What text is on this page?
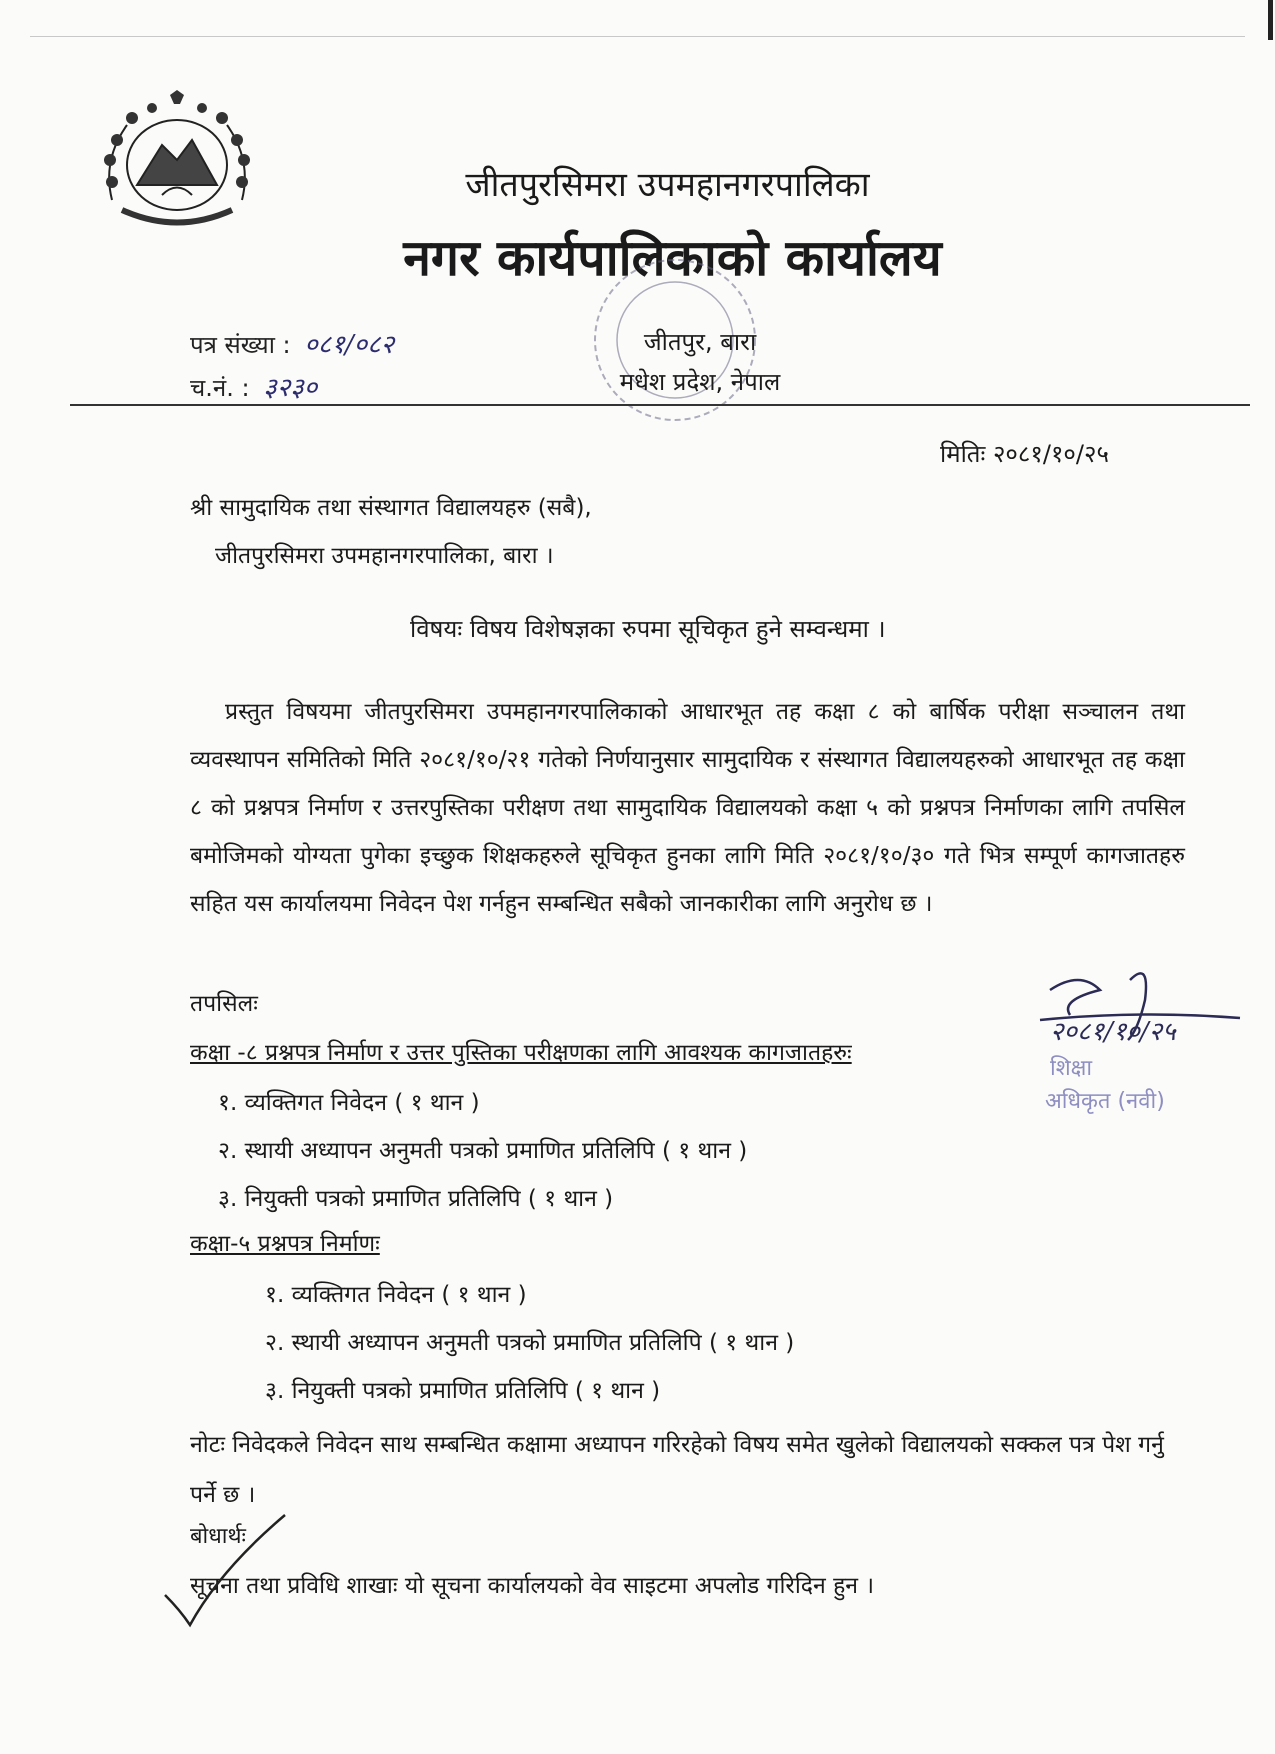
जीतपुरसिमरा उपमहानगरपालिका
नगर कार्यपालिकाको कार्यालय
पत्र संख्या : ०८१/०८२
च.नं. : ३२३०
जीतपुर, बारा
मधेश प्रदेश, नेपाल
मितिः २०८१/१०/२५
श्री सामुदायिक तथा संस्थागत विद्यालयहरु (सबै),
जीतपुरसिमरा उपमहानगरपालिका, बारा ।
विषयः विषय विशेषज्ञका रुपमा सूचिकृत हुने सम्वन्धमा ।
प्रस्तुत विषयमा जीतपुरसिमरा उपमहानगरपालिकाको आधारभूत तह कक्षा ८ को बार्षिक परीक्षा सञ्चालन तथा व्यवस्थापन समितिको मिति २०८१/१०/२१ गतेको निर्णयानुसार सामुदायिक र संस्थागत विद्यालयहरुको आधारभूत तह कक्षा ८ को प्रश्नपत्र निर्माण र उत्तरपुस्तिका परीक्षण तथा सामुदायिक विद्यालयको कक्षा ५ को प्रश्नपत्र निर्माणका लागि तपसिल बमोजिमको योग्यता पुगेका इच्छुक शिक्षकहरुले सूचिकृत हुनका लागि मिति २०८१/१०/३० गते भित्र सम्पूर्ण कागजातहरु सहित यस कार्यालयमा निवेदन पेश गर्नहुन सम्बन्धित सबैको जानकारीका लागि अनुरोध छ ।
तपसिलः
कक्षा -८ प्रश्नपत्र निर्माण र उत्तर पुस्तिका परीक्षणका लागि आवश्यक कागजातहरुः
१. व्यक्तिगत निवेदन ( १ थान )
२. स्थायी अध्यापन अनुमती पत्रको प्रमाणित प्रतिलिपि ( १ थान )
३. नियुक्ती पत्रको प्रमाणित प्रतिलिपि ( १ थान )
कक्षा-५ प्रश्नपत्र निर्माणः
१. व्यक्तिगत निवेदन ( १ थान )
२. स्थायी अध्यापन अनुमती पत्रको प्रमाणित प्रतिलिपि ( १ थान )
३. नियुक्ती पत्रको प्रमाणित प्रतिलिपि ( १ थान )
नोटः निवेदकले निवेदन साथ सम्बन्धित कक्षामा अध्यापन गरिरहेको विषय समेत खुलेको विद्यालयको सक्कल पत्र पेश गर्नु पर्ने छ ।
बोधार्थः
सूचना तथा प्रविधि शाखाः यो सूचना कार्यालयको वेव साइटमा अपलोड गरिदिन हुन ।
२०८१/१०/२५
शिक्षा
अधिकृत (नवी)
